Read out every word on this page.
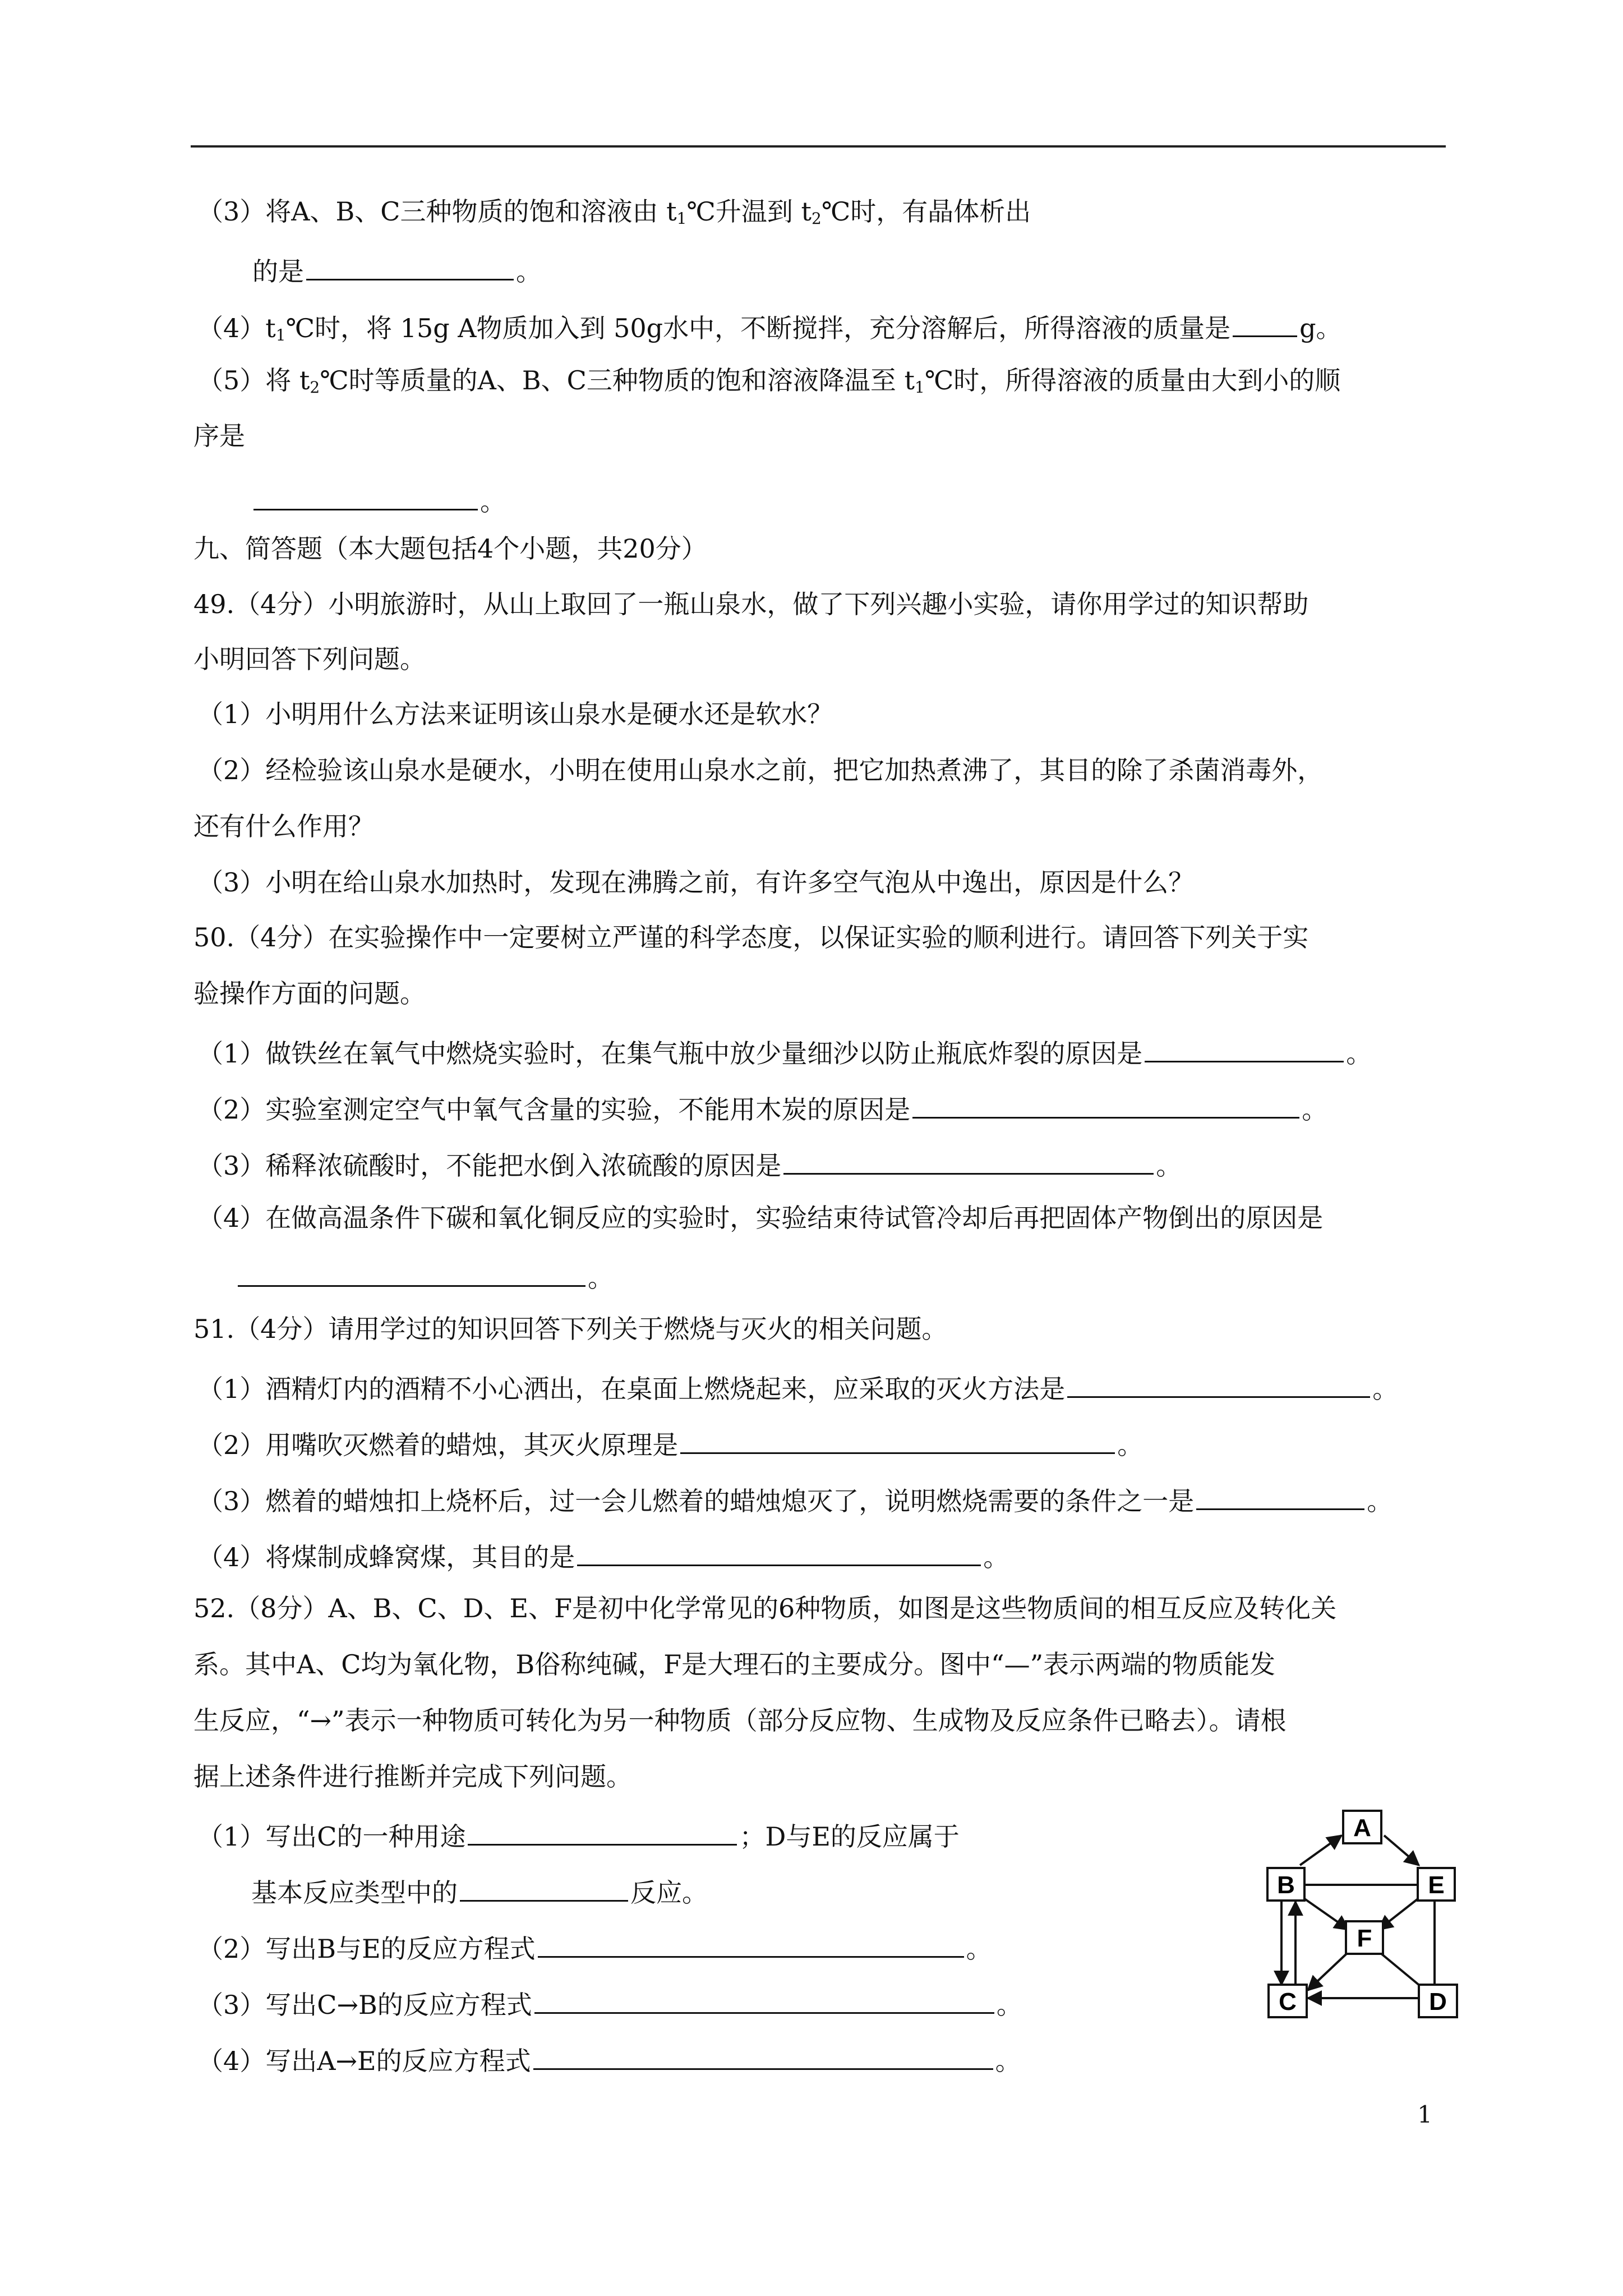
（3）将A、B、C三种物质的饱和溶液由 $t_1℃$升温到 $t_2℃$时，有晶体析出
的是	。
$(4)t_1℃$时，将 15g A物质加入到 50g水中，不断搅拌，充分溶解后，所得溶液的质量是	g。
（5）将 $t_2℃$时等质量的A、B、C三种物质的饱和溶液降温至 $t_1℃$时，所得溶液的质量由大到小的顺
序是
。
九、简答题（本大题包括4个小题，共20分）
49.（4分）小明旅游时，从山上取回了一瓶山泉水，做了下列兴趣小实验，请你用学过的知识帮助
小明回答下列问题。
（1）小明用什么方法来证明该山泉水是硬水还是软水？
（2）经检验该山泉水是硬水，小明在使用山泉水之前，把它加热煮沸了，其目的除了杀菌消毒外，
还有什么作用？
（3）小明在给山泉水加热时，发现在沸腾之前，有许多空气泡从中逸出，原因是什么？
50.（4分）在实验操作中一定要树立严谨的科学态度，以保证实验的顺利进行。请回答下列关于实
验操作方面的问题。
（1）做铁丝在氧气中燃烧实验时，在集气瓶中放少量细沙以防止瓶底炸裂的原因是	。
（2）实验室测定空气中氧气含量的实验，不能用木炭的原因是	。
（3）稀释浓硫酸时，不能把水倒入浓硫酸的原因是	。
（4）在做高温条件下碳和氧化铜反应的实验时，实验结束待试管冷却后再把固体产物倒出的原因是
。
51.（4分）请用学过的知识回答下列关于燃烧与灭火的相关问题。
（1）酒精灯内的酒精不小心洒出，在桌面上燃烧起来，应采取的灭火方法是	。
（2）用嘴吹灭燃着的蜡烛，其灭火原理是	。
（3）燃着的蜡烛扣上烧杯后，过一会儿燃着的蜡烛熄灭了，说明燃烧需要的条件之一是	。
（4）将煤制成蜂窝煤，其目的是	。
52.（8分）A、B、C、D、E、F是初中化学常见的6种物质，如图是这些物质间的相互反应及转化关
系。其中A、C均为氧化物，B俗称纯碱，F是大理石的主要成分。图中“—”表示两端的物质能发
生反应，“→”表示一种物质可转化为另一种物质（部分反应物、生成物及反应条件已略去）。请根
据上述条件进行推断并完成下列问题。
（1）写出C的一种用途	；D与E的反应属于
基本反应类型中的	反应。
（2）写出B与E的反应方程式	。
（3）写出C→B的反应方程式	。
（4）写出A→E的反应方程式	。
A
B	E
F
C	D
1
